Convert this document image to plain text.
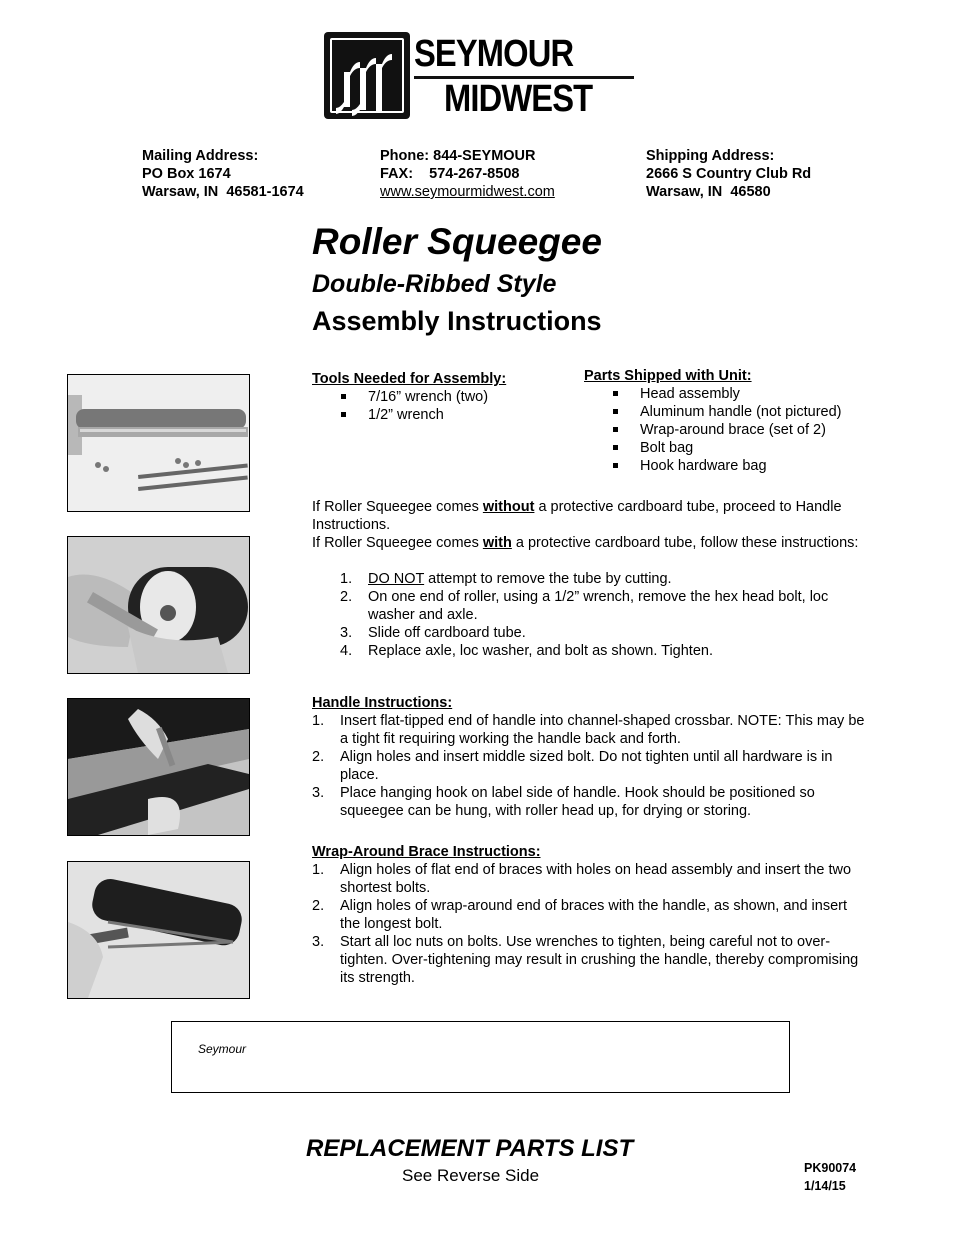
SEYMOUR
MIDWEST
Mailing Address:
PO Box 1674
Warsaw, IN  46581-1674
Phone: 844-SEYMOUR
FAX:    574-267-8508
www.seymourmidwest.com
Shipping Address:
2666 S Country Club Rd
Warsaw, IN  46580
Roller Squeegee
Double-Ribbed Style
Assembly Instructions
Tools Needed for Assembly:
7/16” wrench (two)
1/2” wrench
Parts Shipped with Unit:
Head assembly
Aluminum handle (not pictured)
Wrap-around brace (set of 2)
Bolt bag
Hook hardware bag
If Roller Squeegee comes without a protective cardboard tube, proceed to Handle Instructions.
If Roller Squeegee comes with a protective cardboard tube, follow these instructions:
1. DO NOT attempt to remove the tube by cutting.
2. On one end of roller, using a 1/2” wrench, remove the hex head bolt, loc washer and axle.
3. Slide off cardboard tube.
4. Replace axle, loc washer, and bolt as shown. Tighten.
Handle Instructions:
1. Insert flat-tipped end of handle into channel-shaped crossbar. NOTE: This may be a tight fit requiring working the handle back and forth.
2. Align holes and insert middle sized bolt. Do not tighten until all hardware is in place.
3. Place hanging hook on label side of handle. Hook should be positioned so squeegee can be hung, with roller head up, for drying or storing.
Wrap-Around Brace Instructions:
1. Align holes of flat end of braces with holes on head assembly and insert the two shortest bolts.
2. Align holes of wrap-around end of braces with the handle, as shown, and insert the longest bolt.
3. Start all loc nuts on bolts. Use wrenches to tighten, being careful not to over-tighten. Over-tightening may result in crushing the handle, thereby compromising its strength.
Seymour
REPLACEMENT PARTS LIST
See Reverse Side	PK90074
1/14/15
